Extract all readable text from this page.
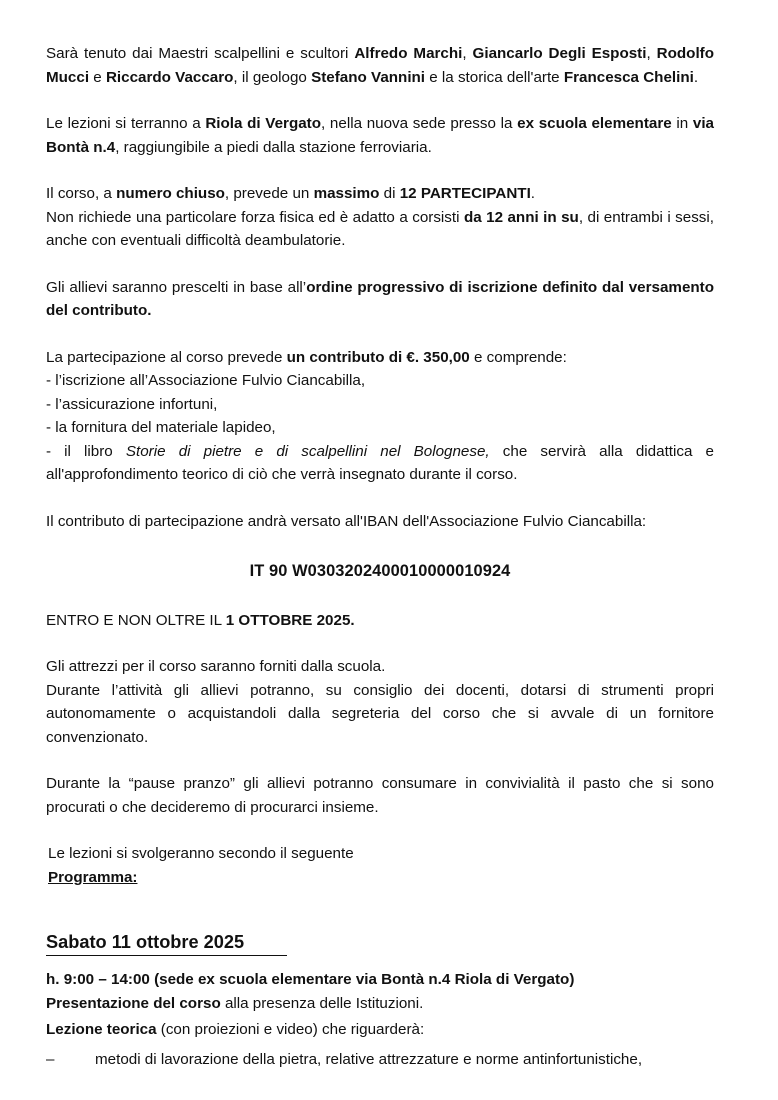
Sarà tenuto dai Maestri scalpellini e scultori Alfredo Marchi, Giancarlo Degli Esposti, Rodolfo Mucci e Riccardo Vaccaro, il geologo Stefano Vannini e la storica dell'arte Francesca Chelini.

Le lezioni si terranno a Riola di Vergato, nella nuova sede presso la ex scuola elementare in via Bontà n.4, raggiungibile a piedi dalla stazione ferroviaria.

Il corso, a numero chiuso, prevede un massimo di 12 PARTECIPANTI.

Non richiede una particolare forza fisica ed è adatto a corsisti da 12 anni in su, di entrambi i sessi, anche con eventuali difficoltà deambulatorie.

Gli allievi saranno prescelti in base all’ordine progressivo di iscrizione definito dal versamento del contributo.

La partecipazione al corso prevede un contributo di €. 350,00 e comprende:

- l’iscrizione all’Associazione Fulvio Ciancabilla,

- l’assicurazione infortuni,

- la fornitura del materiale lapideo,

- il libro Storie di pietre e di scalpellini nel Bolognese, che servirà alla didattica e all'approfondimento teorico di ciò che verrà insegnato durante il corso.

Il contributo di partecipazione andrà versato all'IBAN dell'Associazione Fulvio Ciancabilla:

IT 90 W0303202400010000010924

ENTRO E NON OLTRE IL 1 OTTOBRE 2025.

Gli attrezzi per il corso saranno forniti dalla scuola.

Durante l’attività gli allievi potranno, su consiglio dei docenti, dotarsi di strumenti propri autonomamente o acquistandoli dalla segreteria del corso che si avvale di un fornitore convenzionato.

Durante la “pause pranzo” gli allievi potranno consumare in convivialità il pasto che si sono procurati o che decideremo di procurarci insieme.

Le lezioni si svolgeranno secondo il seguente

Programma:

Sabato 11 ottobre 2025

h. 9:00 – 14:00 (sede ex scuola elementare via Bontà n.4 Riola di Vergato)

Presentazione del corso alla presenza delle Istituzioni.

Lezione teorica (con proiezioni e video) che riguarderà:

–	metodi di lavorazione della pietra, relative attrezzature e norme antinfortunistiche,
